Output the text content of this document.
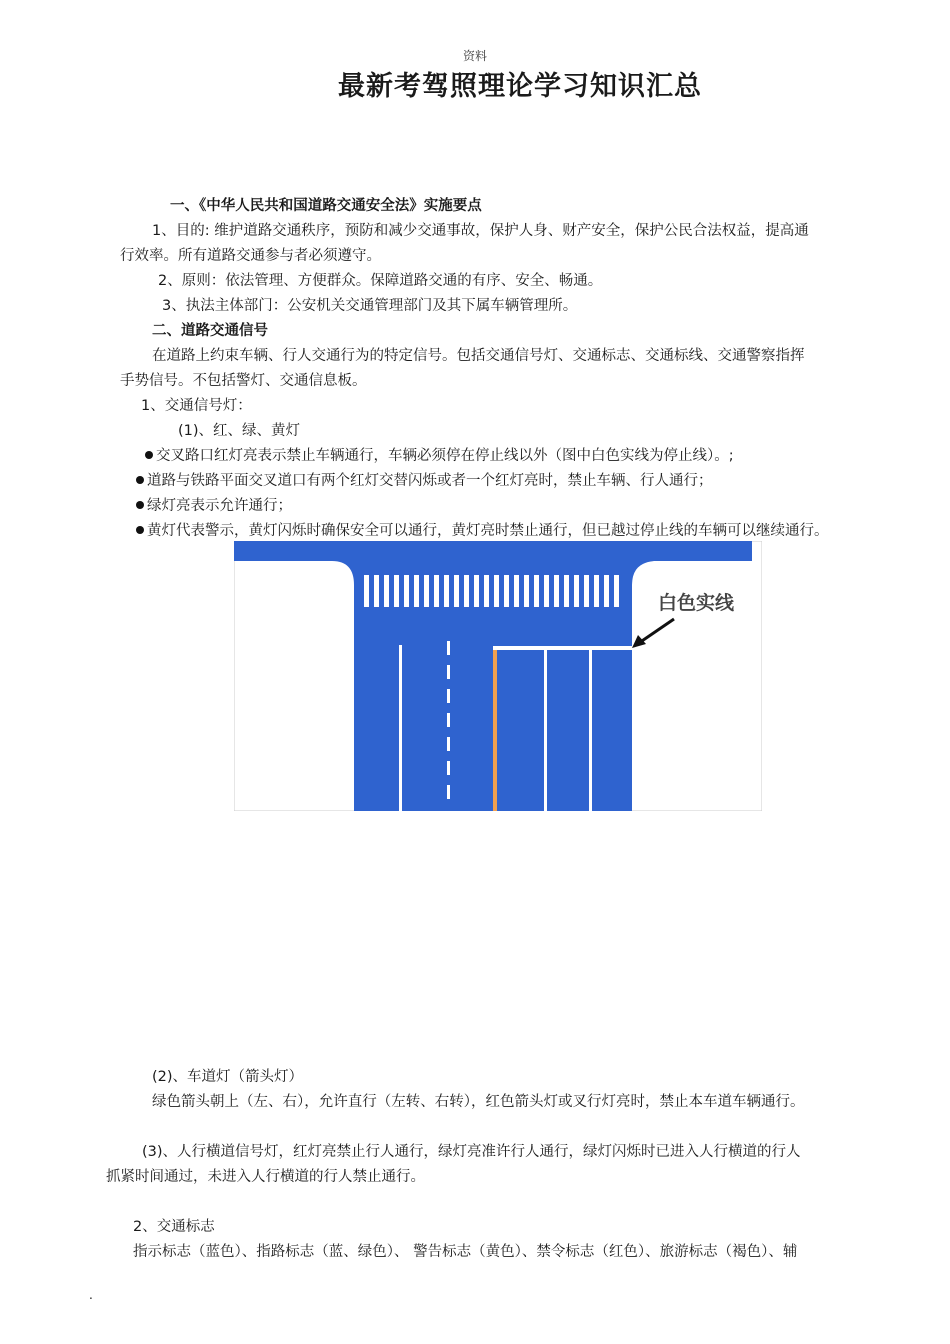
资料
最新考驾照理论学习知识汇总
一、《中华人民共和国道路交通安全法》实施要点
1、目的: 维护道路交通秩序，预防和减少交通事故，保护人身、财产安全，保护公民合法权益，提高通
行效率。所有道路交通参与者必须遵守。
2、原则：依法管理、方便群众。保障道路交通的有序、安全、畅通。
3、执法主体部门：公安机关交通管理部门及其下属车辆管理所。
二、道路交通信号
在道路上约束车辆、行人交通行为的特定信号。包括交通信号灯、交通标志、交通标线、交通警察指挥
手势信号。不包括警灯、交通信息板。
1、交通信号灯：
(1)、红、绿、黄灯
交叉路口红灯亮表示禁止车辆通行，车辆必须停在停止线以外（图中白色实线为停止线）。;
道路与铁路平面交叉道口有两个红灯交替闪烁或者一个红灯亮时，禁止车辆、行人通行；
绿灯亮表示允许通行；
黄灯代表警示，黄灯闪烁时确保安全可以通行，黄灯亮时禁止通行，但已越过停止线的车辆可以继续通行。
白色实线
(2)、车道灯（箭头灯）
绿色箭头朝上（左、右），允许直行（左转、右转），红色箭头灯或叉行灯亮时，禁止本车道车辆通行。
(3)、人行横道信号灯，红灯亮禁止行人通行，绿灯亮准许行人通行，绿灯闪烁时已进入人行横道的行人
抓紧时间通过，未进入人行横道的行人禁止通行。
2、交通标志
指示标志（蓝色）、指路标志（蓝、绿色）、 警告标志（黄色）、禁令标志（红色）、旅游标志（褐色）、辅
.
